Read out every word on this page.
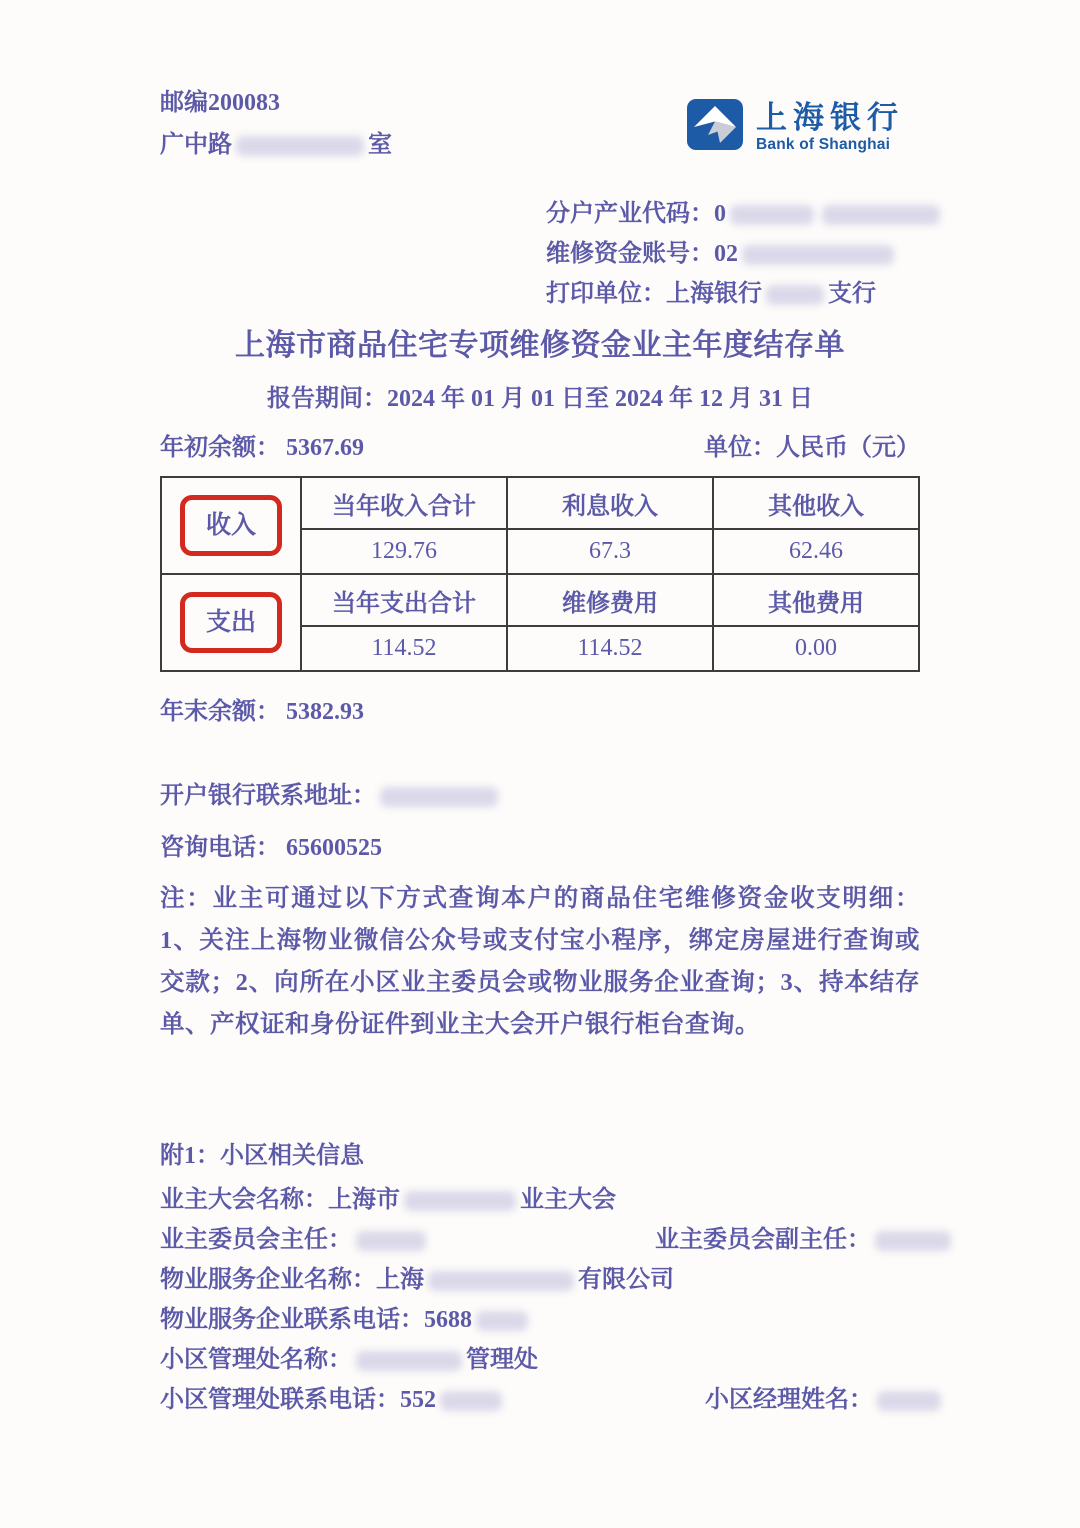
邮编200083
广中路	室
上海银行
Bank of Shanghai
分户产业代码：0
维修资金账号：02
打印单位：上海银行	支行
上海市商品住宅专项维修资金业主年度结存单
报告期间：2024 年 01 月 01 日至 2024 年 12 月 31 日
年初余额： 5367.69	单位：人民币（元）
收入	当年收入合计	利息收入	其他收入
	129.76	67.3	62.46
支出	当年支出合计	维修费用	其他费用
	114.52	114.52	0.00
年末余额： 5382.93
开户银行联系地址：
咨询电话： 65600525
注：业主可通过以下方式查询本户的商品住宅维修资金收支明细：1、关注上海物业微信公众号或支付宝小程序，绑定房屋进行查询或交款；2、向所在小区业主委员会或物业服务企业查询；3、持本结存单、产权证和身份证件到业主大会开户银行柜台查询。
附1：小区相关信息
业主大会名称：上海市	业主大会
业主委员会主任：	业主委员会副主任：
物业服务企业名称：上海	有限公司
物业服务企业联系电话：5688
小区管理处名称：	管理处
小区管理处联系电话：552	小区经理姓名：
